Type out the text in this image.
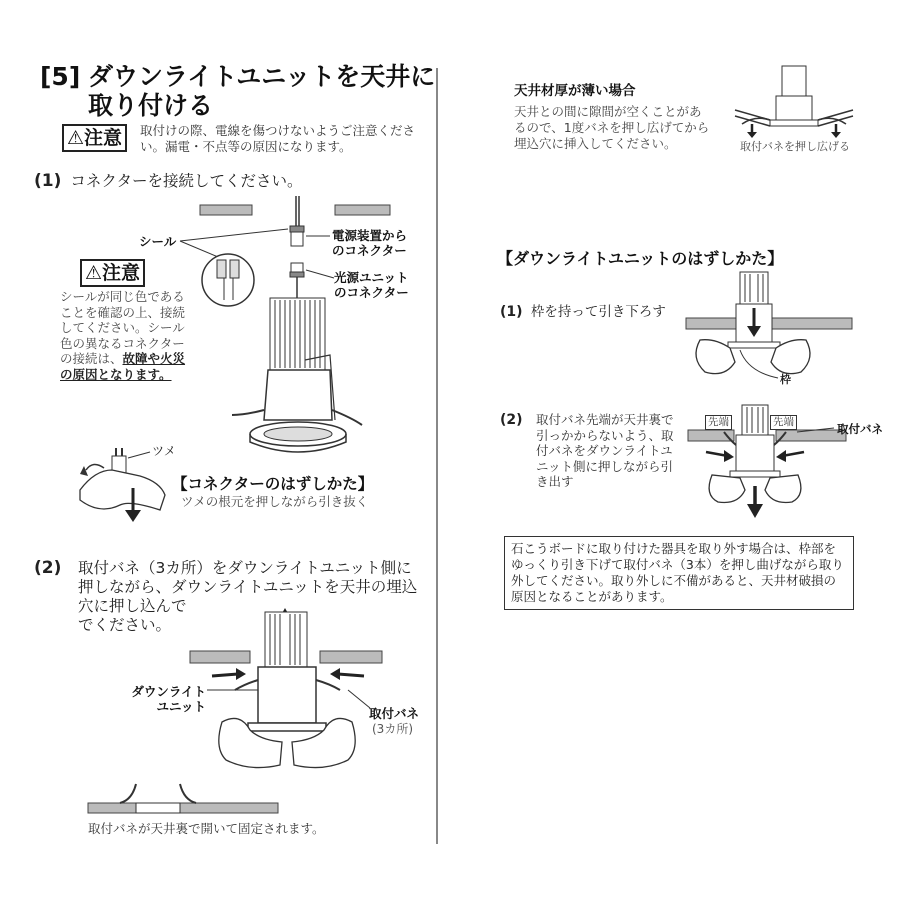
[5] ダウンライトユニットを天井に
取り付ける
⚠注意	取付けの際、電線を傷つけないようご注意ください。漏電・不点等の原因になります。
(1) コネクターを接続してください。
シール	電源装置から
のコネクター
光源ユニット
のコネクター
⚠注意
シールが同じ色であることを確認の上、接続してください。シール色の異なるコネクターの接続は、故障や火災の原因となります。
ツメ
【コネクターのはずしかた】
ツメの根元を押しながら引き抜く
(2) 取付バネ（3カ所）をダウンライトユニット側に押しながら、ダウンライトユニットを天井の埋込穴に押し込んで
でください。
ダウンライト
ユニット	取付バネ
(3カ所)
取付バネが天井裏で開いて固定されます。
天井材厚が薄い場合
天井との間に隙間が空くことがあるので、1度バネを押し広げてから埋込穴に挿入してください。	取付バネを押し広げる
【ダウンライトユニットのはずしかた】
(1) 枠を持って引き下ろす
枠
(2) 取付バネ先端が天井裏で引っかからないよう、取付バネをダウンライトユニット側に押しながら引き出す
先端	先端	取付バネ
石こうボードに取り付けた器具を取り外す場合は、枠部をゆっくり引き下げて取付バネ（3本）を押し曲げながら取り外してください。取り外しに不備があると、天井材破損の原因となることがあります。
